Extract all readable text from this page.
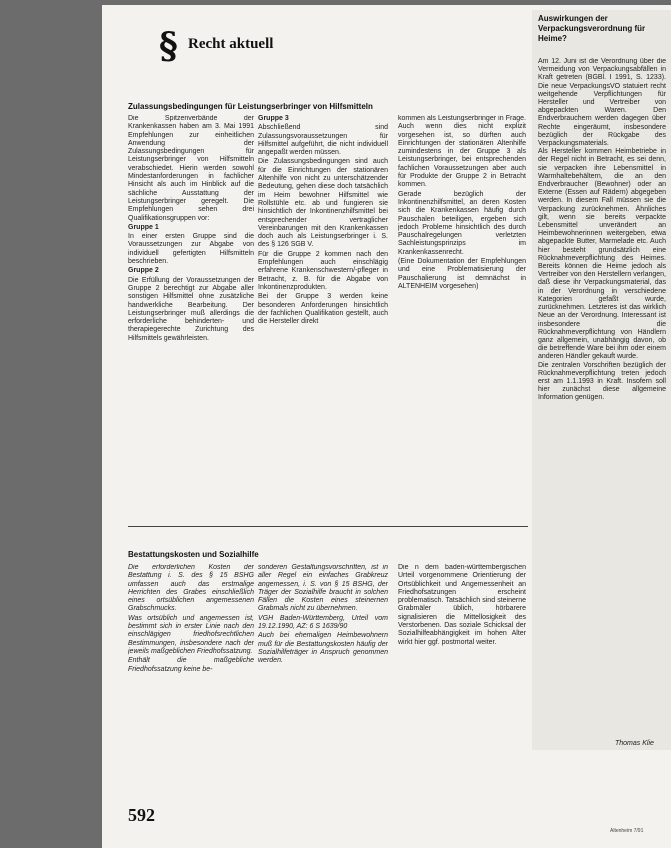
§ Recht aktuell
Zulassungsbedingungen für Leistungserbringer von Hilfsmitteln

Die Spitzenverbände der Krankenkassen haben am 3. Mai 1991 Empfehlungen zur einheitlichen Anwendung der Zulassungsbedingungen für Leistungserbringer von Hilfsmitteln verabschiedet. Hierin werden sowohl Mindestanforderungen in fachlicher Hinsicht als auch im Hinblick auf die sächliche Ausstattung der Leistungserbringer geregelt. Die Empfehlungen sehen drei Qualifikationsgruppen vor:

Gruppe 1

In einer ersten Gruppe sind die Voraussetzungen zur Abgabe von individuell gefertigten Hilfsmitteln beschrieben.

Gruppe 2

Die Erfüllung der Voraussetzungen der Gruppe 2 berechtigt zur Abgabe aller sonstigen Hilfsmittel ohne zusätzliche handwerkliche Bearbeitung. Der Leistungserbringer muß allerdings die erforderliche behinderten- und therapiegerechte Zurichtung des Hilfsmittels gewährleisten.

Gruppe 3

Abschließend sind Zulassungsvoraussetzungen für Hilfsmittel aufgeführt, die nicht individuell angepaßt werden müssen.

Die Zulassungsbedingungen sind auch für die Einrichtungen der stationären Altenhilfe von nicht zu unterschätzender Bedeutung, gehen diese doch tatsächlich im Heim bewohner Hilfsmittel wie Rollstühle etc. ab und fungieren sie hinsichtlich der Inkontinenzhilfsmittel bei entsprechender vertraglicher Vereinbarungen mit den Krankenkassen doch auch als Leistungserbringer i. S. des § 126 SGB V.

Für die Gruppe 2 kommen nach den Empfehlungen auch einschlägig erfahrene Krankenschwestern/-pfleger in Betracht, z. B. für die Abgabe von Inkontinenzprodukten.

Bei der Gruppe 3 werden keine besonderen Anforderungen hinsichtlich der fachlichen Qualifikation gestellt, auch die Hersteller direkt

kommen als Leistungserbringer in Frage. Auch wenn dies nicht explizit vorgesehen ist, so dürften auch Einrichtungen der stationären Altenhilfe zumindestens in der Gruppe 3 als Leistungserbringer, bei entsprechenden fachlichen Voraussetzungen aber auch für Produkte der Gruppe 2 in Betracht kommen.

Gerade bezüglich der Inkontinenzhilfsmittel, an deren Kosten sich die Krankenkassen häufig durch Pauschalen beteiligen, ergeben sich jedoch Probleme hinsichtlich des durch Pauschalregelungen verletzten Sachleistungsprinzips im Krankenkassenrecht.

(Eine Dokumentation der Empfehlungen und eine Problematisierung der Pauschalierung ist demnächst in ALTENHEIM vorgesehen)

Bestattungskosten und Sozialhilfe

Die erforderlichen Kosten der Bestattung i. S. des § 15 BSHG umfassen auch das erstmalige Herrichten des Grabes einschließlich eines ortsüblichen angemessenen Grabschmucks.

Was ortsüblich und angemessen ist, bestimmt sich in erster Linie nach den einschlägigen friedhofsrechtlichen Bestimmungen, insbesondere nach der jeweils maßgeblichen Friedhofssatzung.

Enthält die maßgebliche Friedhofssatzung keine be-

sonderen Gestaltungsvorschriften, ist in aller Regel ein einfaches Grabkreuz angemessen, i. S. von § 15 BSHG, der Träger der Sozialhilfe braucht in solchen Fällen die Kosten eines steinernen Grabmals nicht zu übernehmen.

VGH Baden-Württemberg, Urteil vom 19.12.1990, AZ: 6 S 1639/90

Auch bei ehemaligen Heimbewohnern muß für die Bestattungskosten häufig der Sozialhilfeträger in Anspruch genommen werden.

Die n dem baden-württembergischen Urteil vorgenommene Orientierung der Ortsüblichkeit und Angemessenheit an Friedhofsatzungen erscheint problematisch. Tatsächlich sind steinerne Grabmäler üblich, hörbarere signalisieren die Mittellosigkeit des Verstorbenen. Das soziale Schicksal der Sozialhilfeabhängigkeit im hohen Alter wirkt hier ggf. postmortal weiter.

Auswirkungen der Verpackungsverordnung für Heime?

Am 12. Juni ist die Verordnung über die Vermeidung von Verpackungsabfällen in Kraft getreten (BGBl. I 1991, S. 1233). Die neue VerpackungsVO statuiert recht weitgehende Verpflichtungen für Hersteller und Vertreiber von abgepackten Waren. Den Endverbrauchern werden dagegen über Rechte eingeräumt, insbesondere bezüglich der Rückgabe des Verpackungsmaterials.

Als Hersteller kommen Heimbetriebe in der Regel nicht in Betracht, es sei denn, sie verpacken ihre Lebensmittel in Warmhaltebehältern, die an den Endverbraucher (Bewohner) oder an Externe (Essen auf Rädern) abgegeben werden. In diesem Fall müssen sie die Verpackung zurücknehmen. Ähnliches gilt, wenn sie bereits verpackte Lebensmittel unverändert an Heimbewohnerinnen weitergeben, etwa abgepackte Butter, Marmelade etc. Auch hier besteht grundsätzlich eine Rücknahmeverpflichtung des Heimes. Bereits können die Heime jedoch als Vertreiber von den Herstellern verlangen, daß diese ihr Verpackungsmaterial, das in der Verordnung in verschiedene Kategorien gefaßt wurde, zurücknehmen. Letzteres ist das wirklich Neue an der Verordnung. Interessant ist insbesondere die Rücknahmeverpflichtung von Händlern ganz allgemein, unabhängig davon, ob die betreffende Ware bei ihm oder einem anderen Händler gekauft wurde.

Die zentralen Vorschriften bezüglich der Rücknahmeverpflichtung treten jedoch erst am 1.1.1993 in Kraft. Insofern soll hier zunächst diese allgemeine Information genügen.

Thomas Klie
592
Altenheim 7/91
